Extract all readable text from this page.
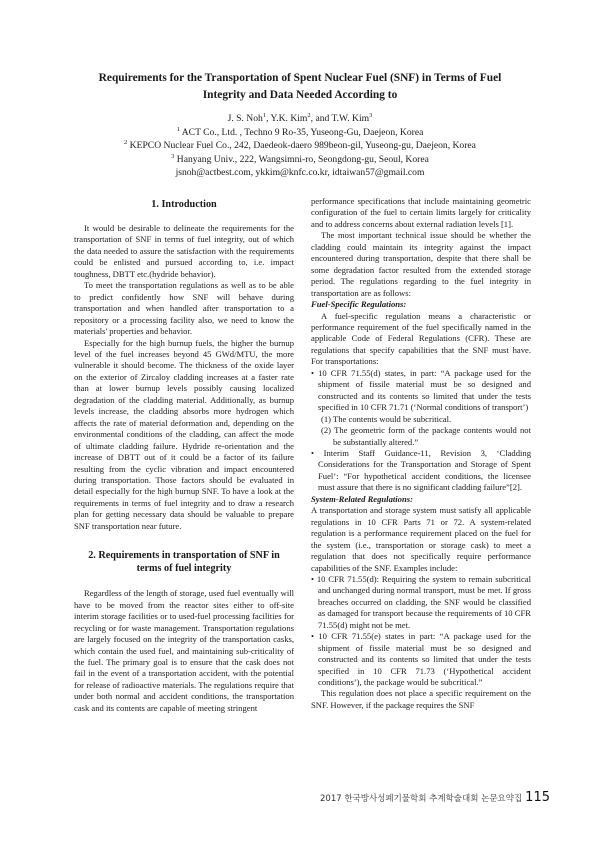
Requirements for the Transportation of Spent Nuclear Fuel (SNF) in Terms of Fuel
Integrity and Data Needed According to
J. S. Noh$^1$, Y.K. Kim$^2$, and T.W. Kim$^3$
$^1$ ACT Co., Ltd. , Techno 9 Ro-35, Yuseong-Gu, Daejeon, Korea
$^2$ KEPCO Nuclear Fuel Co., 242, Daedeok-daero 989beon-gil, Yuseong-gu, Daejeon, Korea
$^3$ Hanyang Univ., 222, Wangsimni-ro, Seongdong-gu, Seoul, Korea
jsnoh@actbest.com, ykkim@knfc.co.kr, idtaiwan57@gmail.com
1. Introduction

It would be desirable to delineate the requirements for the transportation of SNF in terms of fuel integrity, out of which the data needed to assure the satisfaction with the requirements could be enlisted and pursued according to, i.e. impact toughness, DBTT etc.(hydride behavior).

To meet the transportation regulations as well as to be able to predict confidently how SNF will behave during transportation and when handled after transportation to a repository or a processing facility also, we need to know the materials' properties and behavior.

Especially for the high burnup fuels, the higher the burnup level of the fuel increases beyond 45 GWd/MTU, the more vulnerable it should become. The thickness of the oxide layer on the exterior of Zircaloy cladding increases at a faster rate than at lower burnup levels possibly causing localized degradation of the cladding material. Additionally, as burnup levels increase, the cladding absorbs more hydrogen which affects the rate of material deformation and, depending on the environmental conditions of the cladding, can affect the mode of ultimate cladding failure. Hydride re-orientation and the increase of DBTT out of it could be a factor of its failure resulting from the cyclic vibration and impact encountered during transportation. Those factors should be evaluated in detail especially for the high burnup SNF. To have a look at the requirements in terms of fuel integrity and to draw a research plan for getting necessary data should be valuable to prepare SNF transportation near future.

2. Requirements in transportation of SNF in
terms of fuel integrity

Regardless of the length of storage, used fuel eventually will have to be moved from the reactor sites either to off-site interim storage facilities or to used-fuel processing facilities for recycling or for waste management. Transportation regulations are largely focused on the integrity of the transportation casks, which contain the used fuel, and maintaining sub-criticality of the fuel. The primary goal is to ensure that the cask does not fail in the event of a transportation accident, with the potential for release of radioactive materials. The regulations require that under both normal and accident conditions, the transportation cask and its contents are capable of meeting stringent

performance specifications that include maintaining geometric configuration of the fuel to certain limits largely for criticality and to address concerns about external radiation levels [1].

The most important technical issue should be whether the cladding could maintain its integrity against the impact encountered during transportation, despite that there shall be some degradation factor resulted from the extended storage period. The regulations regarding to the fuel integrity in transportation are as follows:

Fuel-Specific Regulations:

A fuel-specific regulation means a characteristic or performance requirement of the fuel specifically named in the applicable Code of Federal Regulations (CFR). These are regulations that specify capabilities that the SNF must have. For transportations:

• 10 CFR 71.55(d) states, in part: “A package used for the shipment of fissile material must be so designed and constructed and its contents so limited that under the tests specified in 10 CFR 71.71 (‘Normal conditions of transport’)

(1) The contents would be subcritical.

(2) The geometric form of the package contents would not be substantially altered.”

• Interim Staff Guidance-11, Revision 3, ‘Cladding Considerations for the Transportation and Storage of Spent Fuel’: “For hypothetical accident conditions, the licensee must assure that there is no significant cladding failure”[2].

System-Related Regulations:

A transportation and storage system must satisfy all applicable regulations in 10 CFR Parts 71 or 72. A system-related regulation is a performance requirement placed on the fuel for the system (i.e., transportation or storage cask) to meet a regulation that does not specifically require performance capabilities of the SNF. Examples include:

• 10 CFR 71.55(d): Requiring the system to remain subcritical and unchanged during normal transport, must be met. If gross breaches occurred on cladding, the SNF would be classified as damaged for transport because the requirements of 10 CFR 71.55(d) might not be met.

• 10 CFR 71.55(e) states in part: “A package used for the shipment of fissile material must be so designed and constructed and its contents so limited that under the tests specified in 10 CFR 71.73 (‘Hypothetical accident conditions’), the package would be subcritical.”

This regulation does not place a specific requirement on the SNF. However, if the package requires the SNF

2017 한국방사성폐기물학회 추계학술대회 논문요약집 115
